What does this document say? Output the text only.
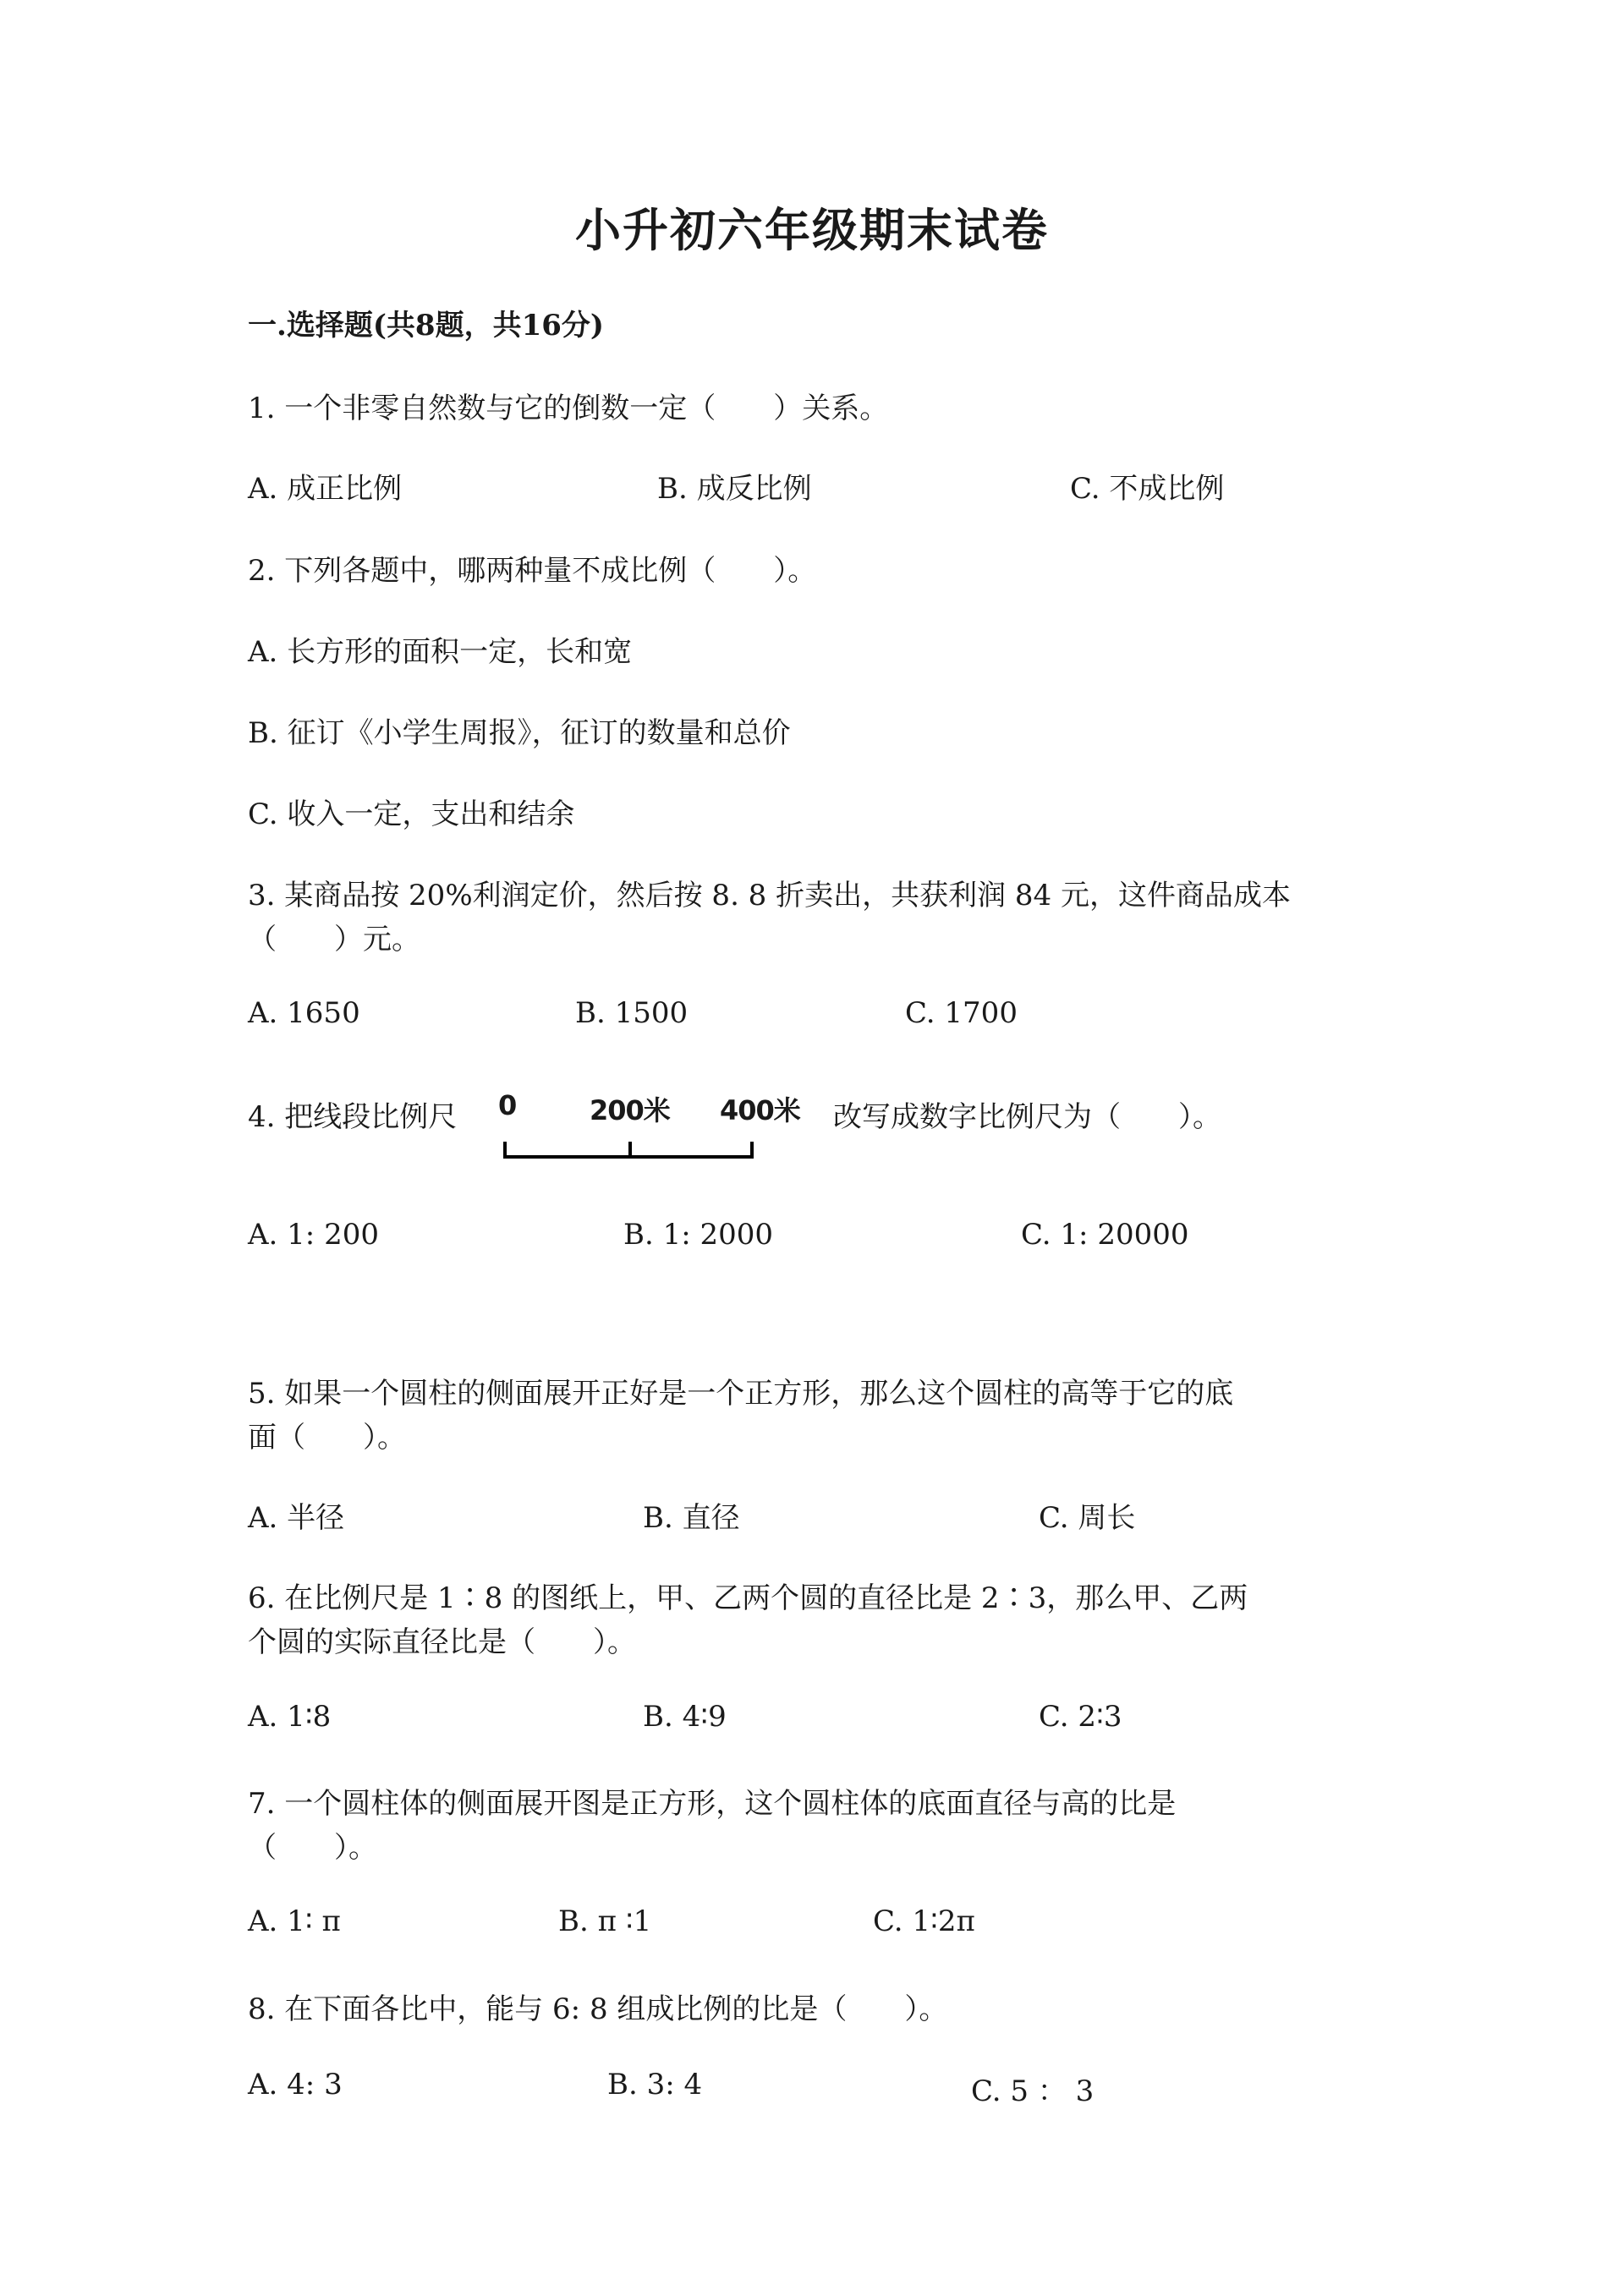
小升初六年级期末试卷
一.选择题(共8题，共16分)
1. 一个非零自然数与它的倒数一定（　　）关系。
A. 成正比例	B. 成反比例	C. 不成比例
2. 下列各题中，哪两种量不成比例（　　）。
A. 长方形的面积一定，长和宽
B. 征订《小学生周报》，征订的数量和总价
C. 收入一定，支出和结余
3. 某商品按 20%利润定价，然后按 8. 8 折卖出，共获利润 84 元，这件商品成本
（　　）元。
A. 1650	B. 1500	C. 1700
4. 把线段比例尺 0	200米 400米 改写成数字比例尺为（　　）。
A. 1: 200	B. 1: 2000	C. 1: 20000
5. 如果一个圆柱的侧面展开正好是一个正方形，那么这个圆柱的高等于它的底
面（　　）。
A. 半径	B. 直径	C. 周长
6. 在比例尺是 1∶8 的图纸上，甲、乙两个圆的直径比是 2∶3，那么甲、乙两
个圆的实际直径比是（　　）。
A. 1∶8	B. 4∶9	C. 2∶3
7. 一个圆柱体的侧面展开图是正方形，这个圆柱体的底面直径与高的比是
（　　）。
A. 1∶ π	B. π ∶1	C. 1∶2π
8. 在下面各比中，能与 6: 8 组成比例的比是（　　）。
A. 4: 3	B. 3: 4	C. 5 ： 3
